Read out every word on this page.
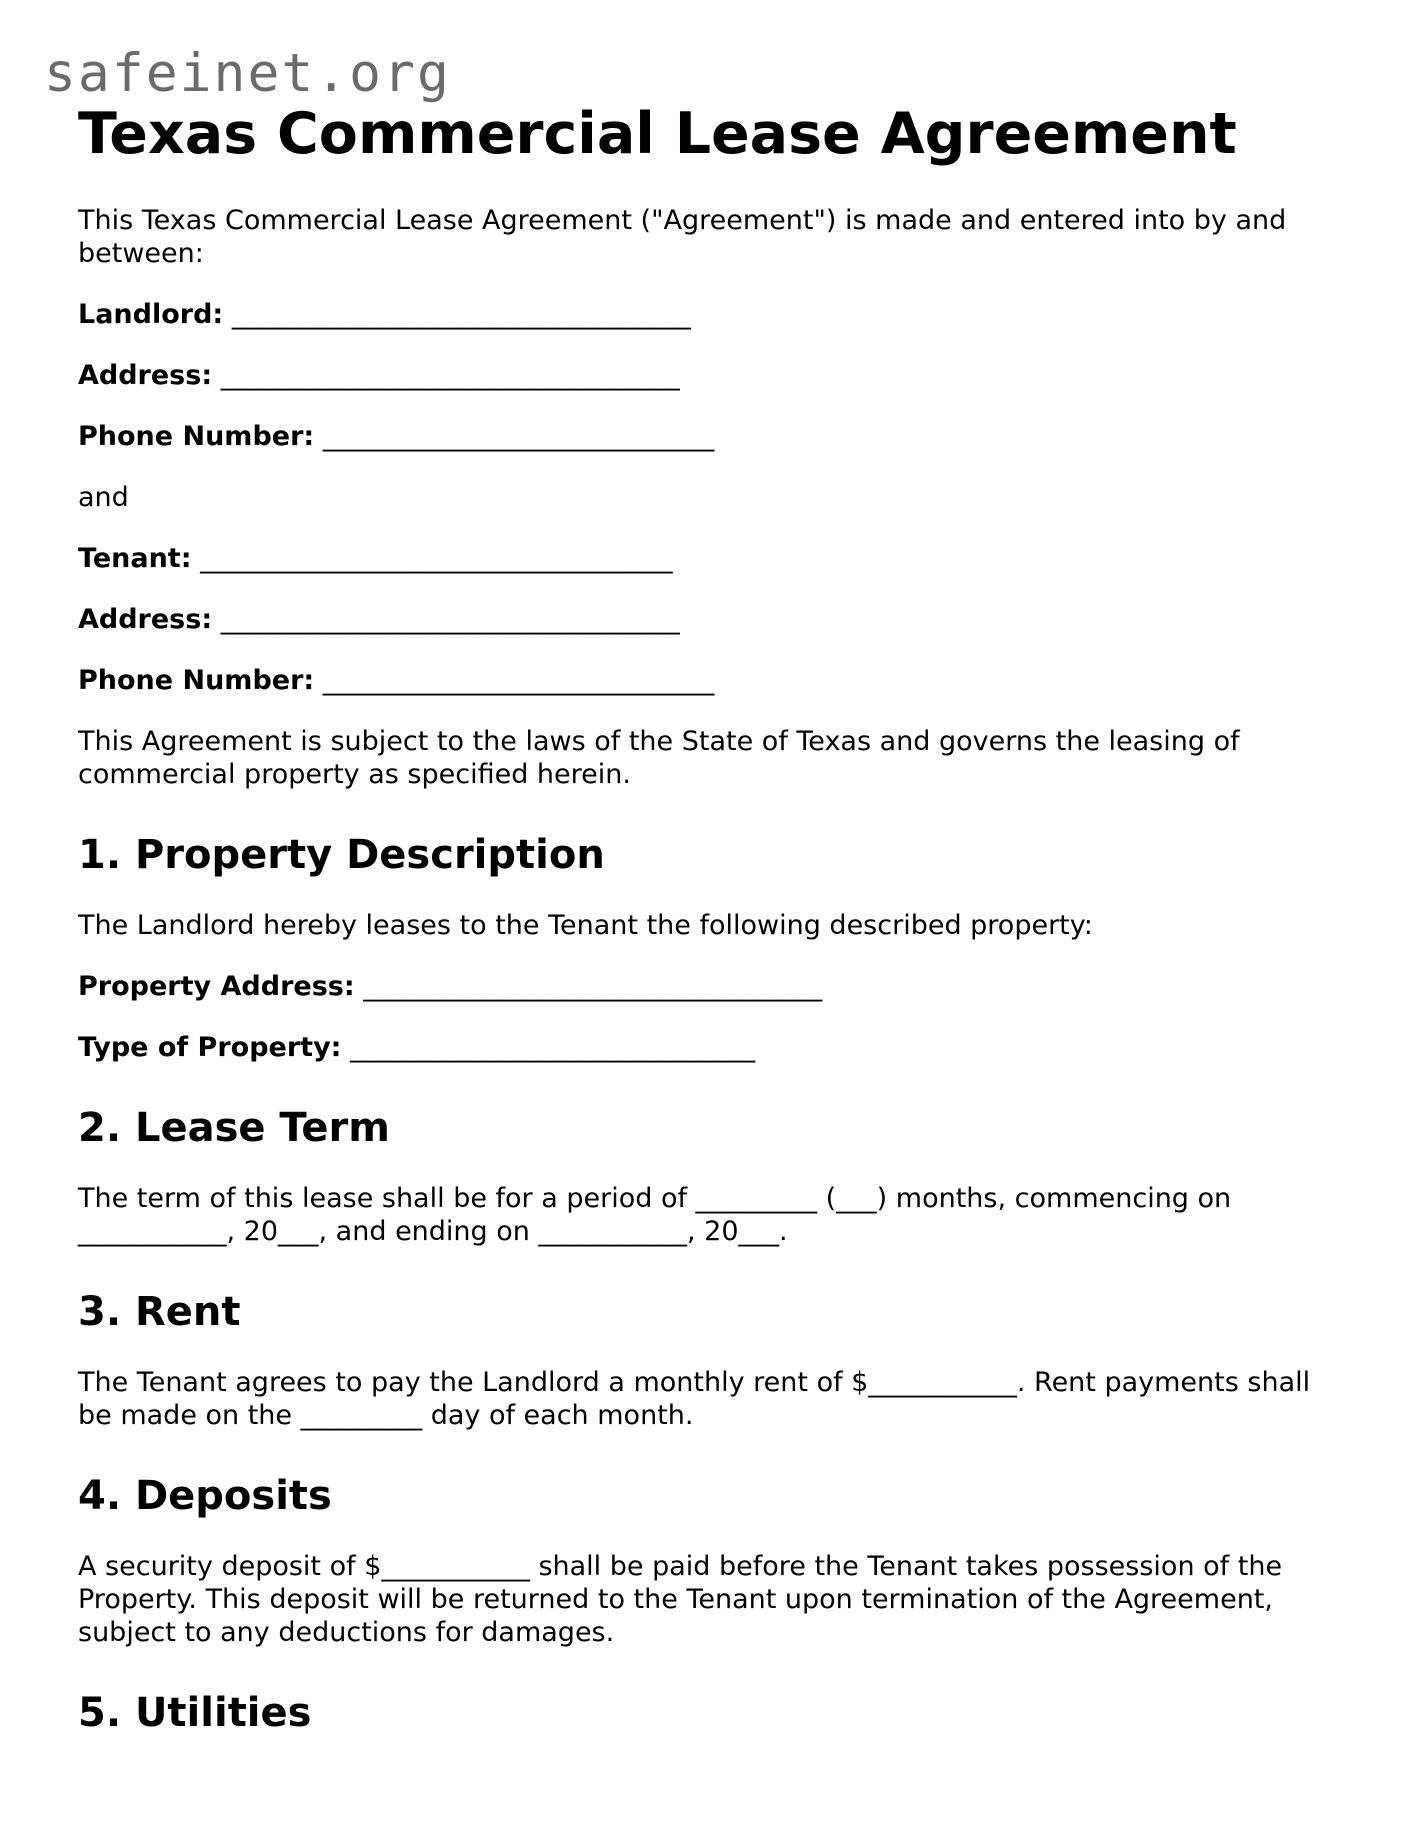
safeinet.org
Texas Commercial Lease Agreement

This Texas Commercial Lease Agreement ("Agreement") is made and entered into by and between:

Landlord: __________________________________
Address: __________________________________
Phone Number: _____________________________

and

Tenant: ___________________________________
Address: __________________________________
Phone Number: _____________________________

This Agreement is subject to the laws of the State of Texas and governs the leasing of commercial property as specified herein.

1. Property Description

The Landlord hereby leases to the Tenant the following described property:

Property Address: __________________________________
Type of Property: ______________________________
2. Lease Term

The term of this lease shall be for a period of _________ (___) months, commencing on ___________, 20___, and ending on ___________, 20___.

3. Rent

The Tenant agrees to pay the Landlord a monthly rent of $___________. Rent payments shall be made on the _________ day of each month.

4. Deposits

A security deposit of $___________ shall be paid before the Tenant takes possession of the Property. This deposit will be returned to the Tenant upon termination of the Agreement, subject to any deductions for damages.

5. Utilities
